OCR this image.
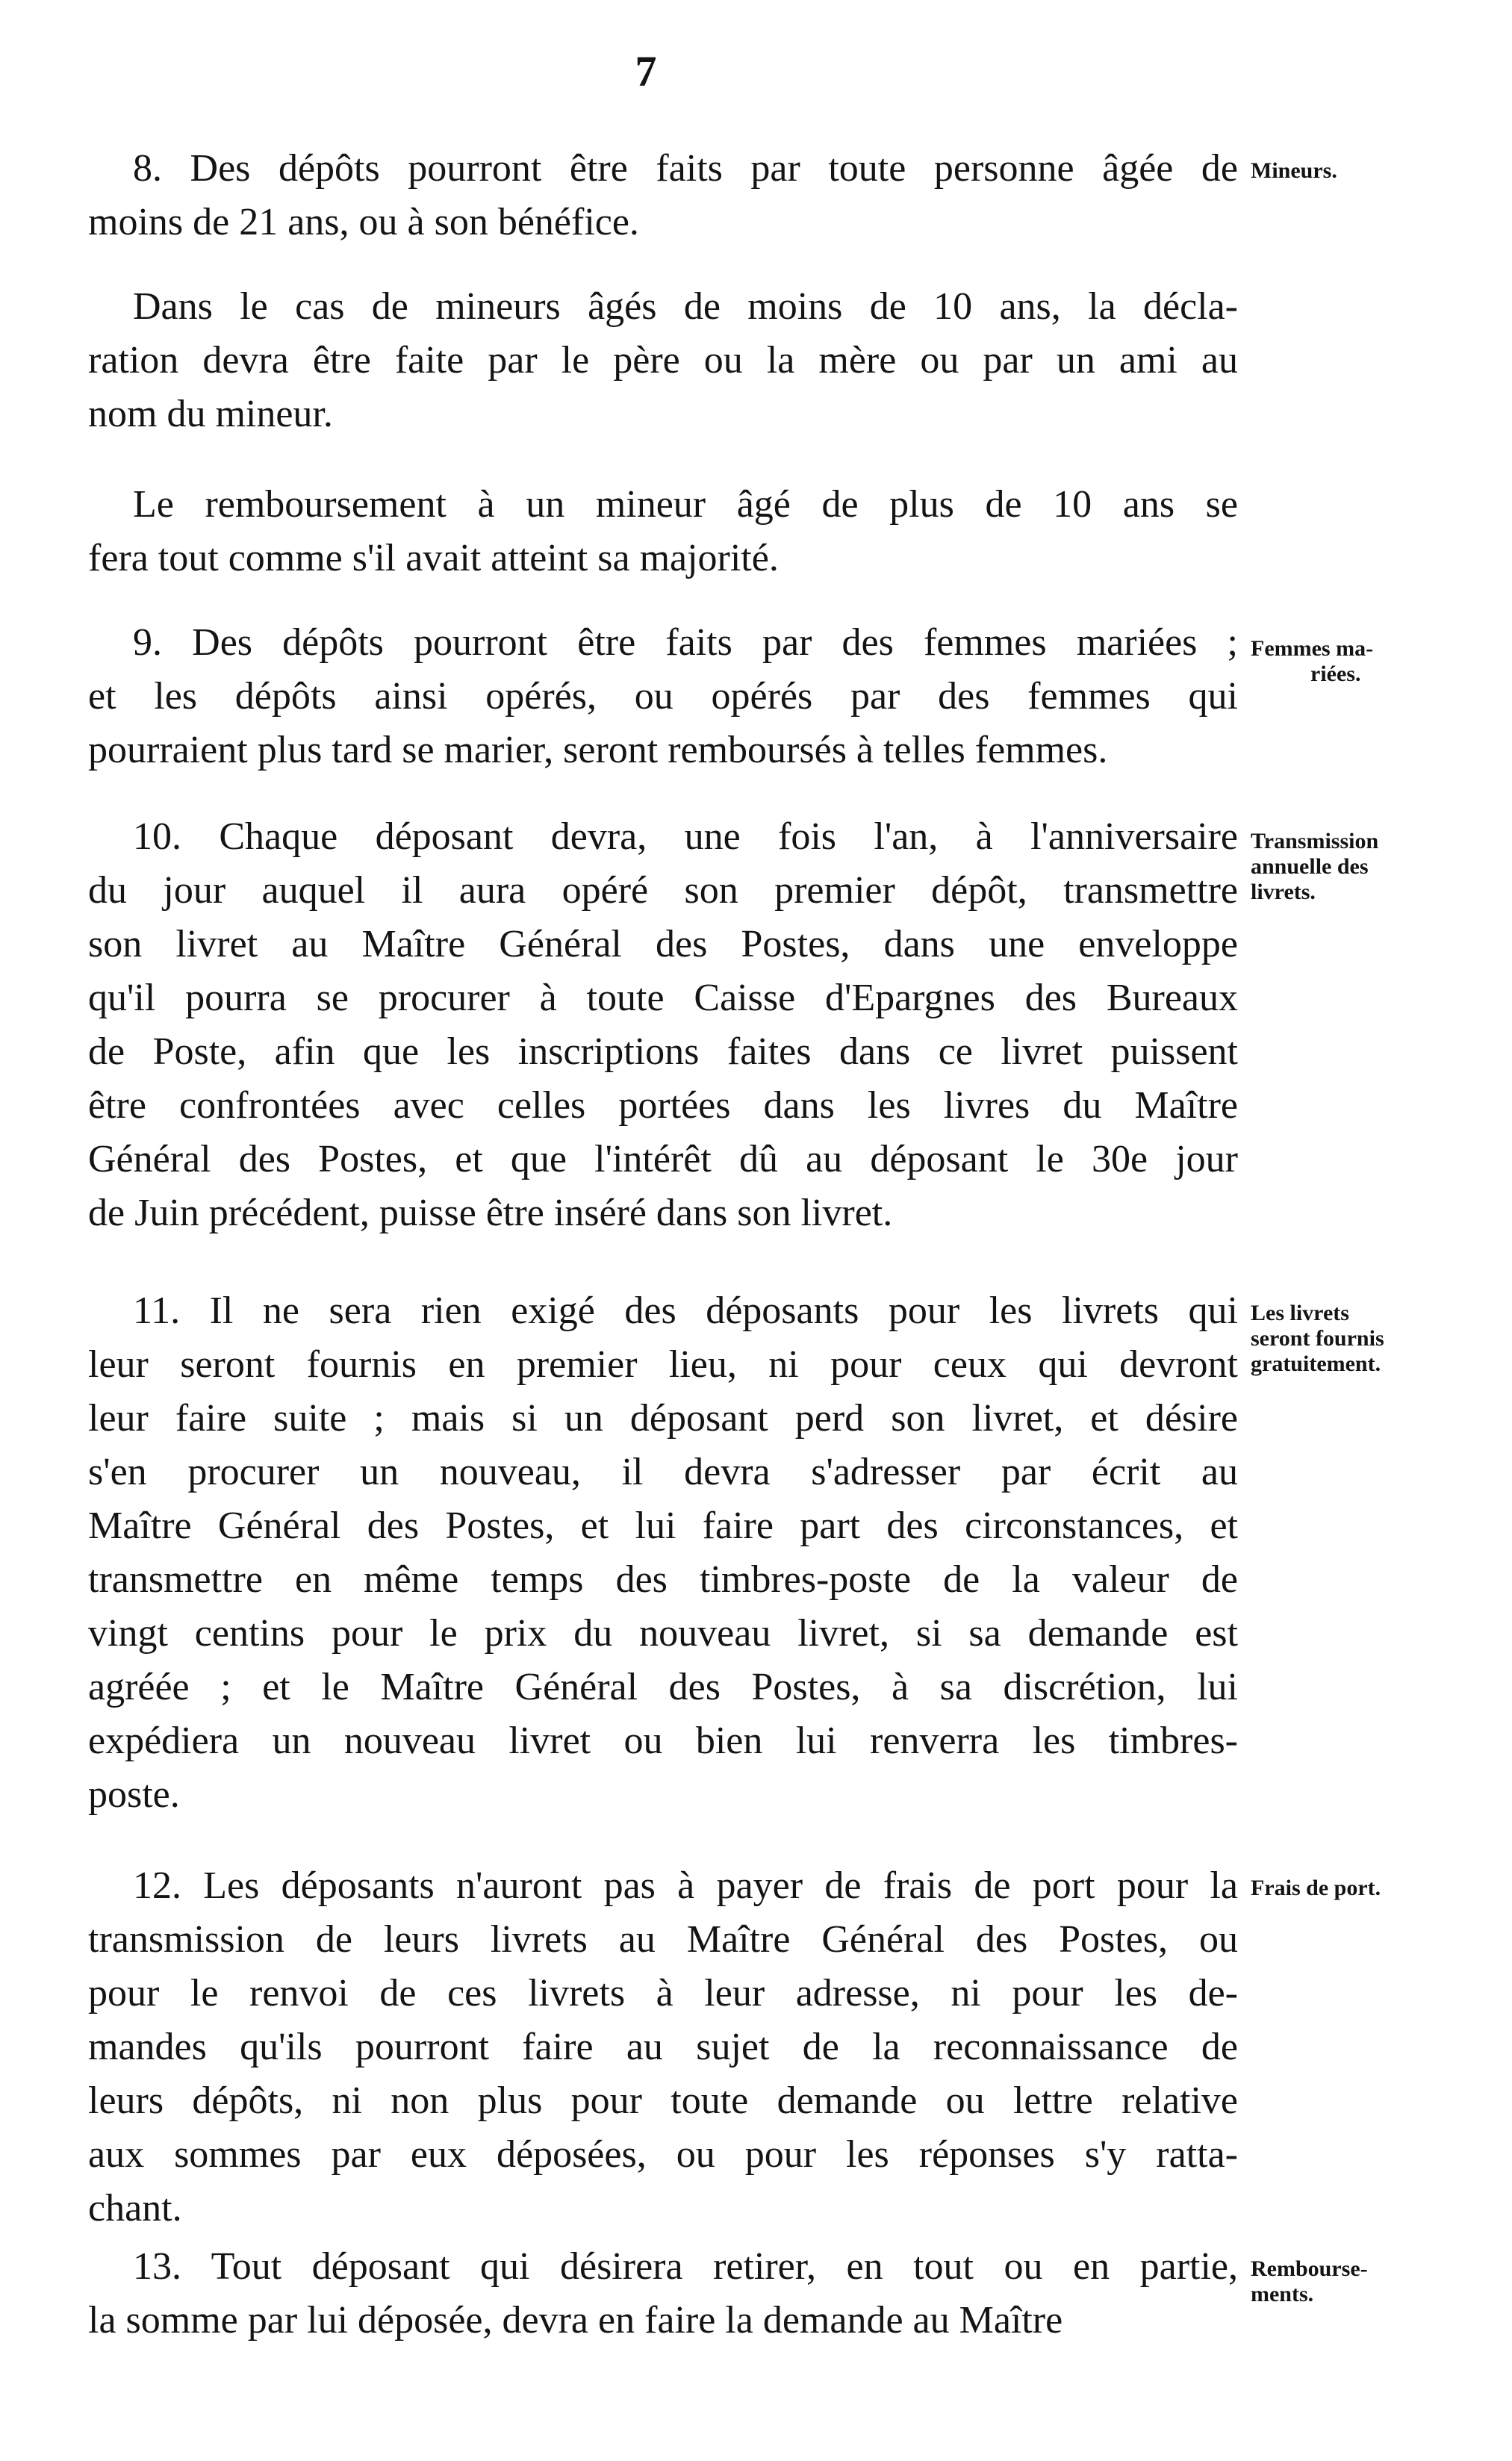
7

8. Des dépôts pourront être faits par toute personne âgée de
moins de 21 ans, ou à son bénéfice.

Dans le cas de mineurs âgés de moins de 10 ans, la décla-
ration devra être faite par le père ou la mère ou par un ami au
nom du mineur.

Le remboursement à un mineur âgé de plus de 10 ans se
fera tout comme s'il avait atteint sa majorité.

9. Des dépôts pourront être faits par des femmes mariées ;
et les dépôts ainsi opérés, ou opérés par des femmes qui
pourraient plus tard se marier, seront remboursés à telles femmes.

10. Chaque déposant devra, une fois l'an, à l'anniversaire
du jour auquel il aura opéré son premier dépôt, transmettre
son livret au Maître Général des Postes, dans une enveloppe
qu'il pourra se procurer à toute Caisse d'Epargnes des Bureaux
de Poste, afin que les inscriptions faites dans ce livret puissent
être confrontées avec celles portées dans les livres du Maître
Général des Postes, et que l'intérêt dû au déposant le 30e jour
de Juin précédent, puisse être inséré dans son livret.

11. Il ne sera rien exigé des déposants pour les livrets qui
leur seront fournis en premier lieu, ni pour ceux qui devront
leur faire suite ; mais si un déposant perd son livret, et désire
s'en procurer un nouveau, il devra s'adresser par écrit au
Maître Général des Postes, et lui faire part des circonstances, et
transmettre en même temps des timbres-poste de la valeur de
vingt centins pour le prix du nouveau livret, si sa demande est
agréée ; et le Maître Général des Postes, à sa discrétion, lui
expédiera un nouveau livret ou bien lui renverra les timbres-
poste.

12. Les déposants n'auront pas à payer de frais de port pour la
transmission de leurs livrets au Maître Général des Postes, ou
pour le renvoi de ces livrets à leur adresse, ni pour les de-
mandes qu'ils pourront faire au sujet de la reconnaissance de
leurs dépôts, ni non plus pour toute demande ou lettre relative
aux sommes par eux déposées, ou pour les réponses s'y ratta-
chant.

13. Tout déposant qui désirera retirer, en tout ou en partie,
la somme par lui déposée, devra en faire la demande au Maître

Mineurs.
Femmes ma-
riées.
Transmission
annuelle des
livrets.
Les livrets
seront fournis
gratuitement.
Frais de port.
Rembourse-
ments.
